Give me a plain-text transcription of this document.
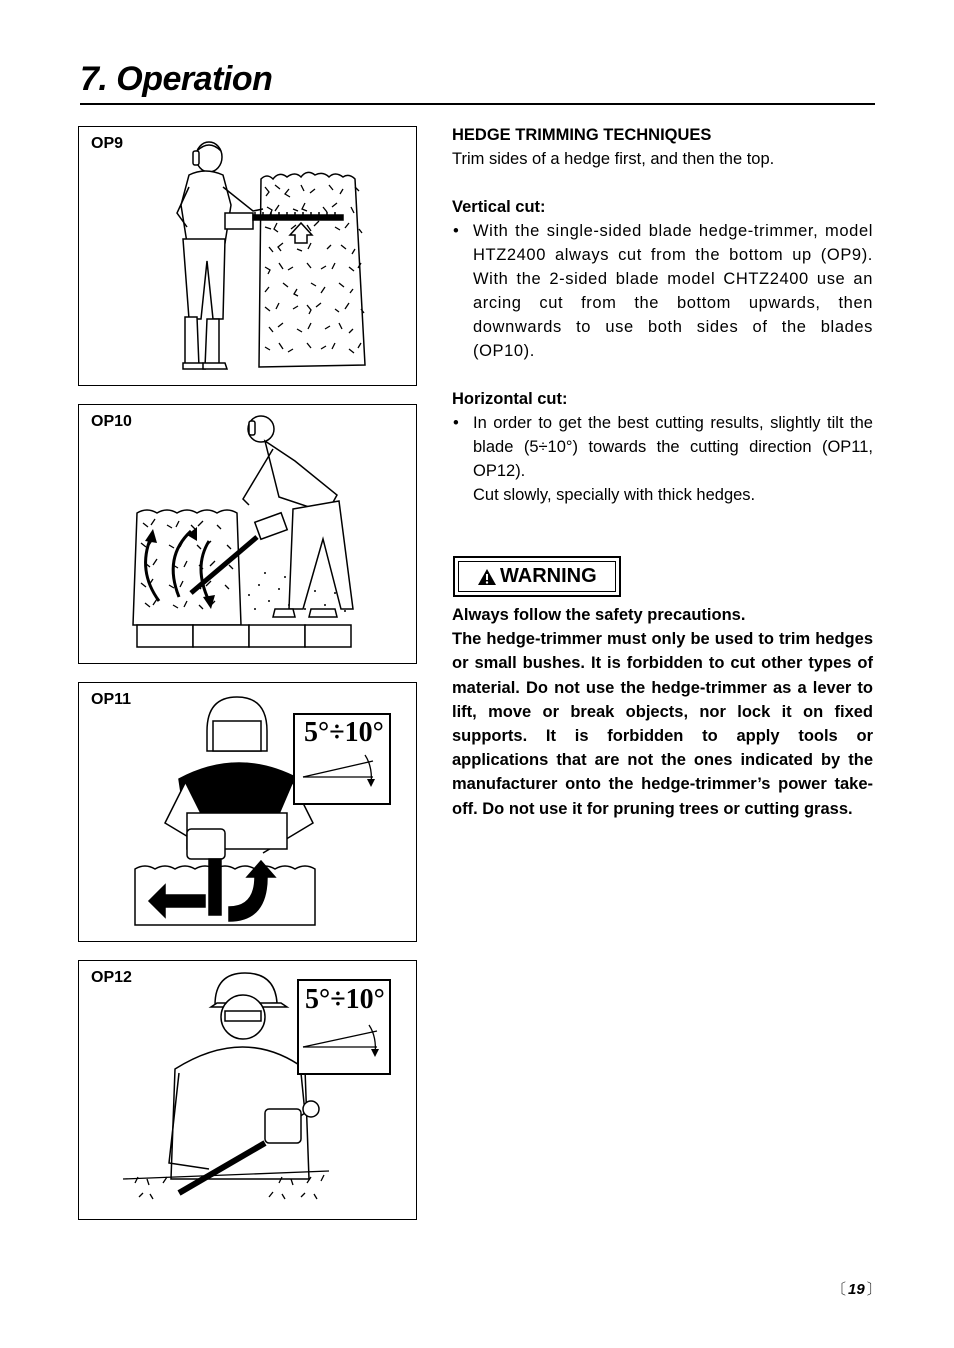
7. Operation
OP9
OP10
5°÷10°
OP11
5°÷10°
OP12
HEDGE TRIMMING TECHNIQUES

Trim sides of a hedge first, and then the top.

Vertical cut:

• With the single-sided blade hedge-trimmer, model HTZ2400 always cut from the bottom up (OP9). With the 2-sided blade model CHTZ2400 use an arcing cut from the bottom upwards, then downwards to use both sides of the blades (OP10).

Horizontal cut:

• In order to get the best cutting results, slightly tilt the blade (5÷10°) towards the cutting direction (OP11, OP12).

Cut slowly, specially with thick hedges.

WARNING

Always follow the safety precautions.

The hedge-trimmer must only be used to trim hedges or small bushes. It is forbidden to cut other types of material. Do not use the hedge-trimmer as a lever to lift, move or break objects, nor lock it on fixed supports. It is forbidden to apply tools or applications that are not the ones indicated by the manufacturer onto the hedge-trimmer’s power take-off. Do not use it for pruning trees or cutting grass.

〔 19 〕
